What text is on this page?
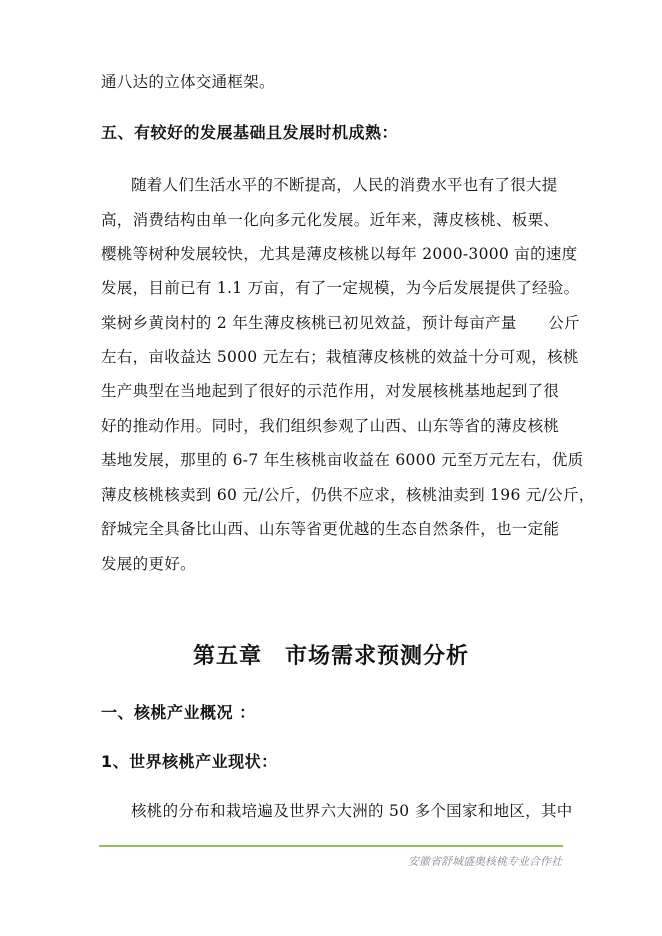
通八达的立体交通框架。
五、有较好的发展基础且发展时机成熟：
随着人们生活水平的不断提高，人民的消费水平也有了很大提
高，消费结构由单一化向多元化发展。近年来，薄皮核桃、板栗、
樱桃等树种发展较快，尤其是薄皮核桃以每年 2000-3000 亩的速度
发展，目前已有 1.1 万亩，有了一定规模，为今后发展提供了经验。
棠树乡黄岗村的 2 年生薄皮核桃已初见效益，预计每亩产量　　公斤
左右，亩收益达 5000 元左右；栽植薄皮核桃的效益十分可观，核桃
生产典型在当地起到了很好的示范作用，对发展核桃基地起到了很
好的推动作用。同时，我们组织参观了山西、山东等省的薄皮核桃
基地发展，那里的 6-7 年生核桃亩收益在 6000 元至万元左右，优质
薄皮核桃核卖到 60 元/公斤，仍供不应求，核桃油卖到 196 元/公斤，
舒城完全具备比山西、山东等省更优越的生态自然条件，也一定能
发展的更好。
第五章　市场需求预测分析
一、核桃产业概况 ：
1、世界核桃产业现状：
核桃的分布和栽培遍及世界六大洲的 50 多个国家和地区，其中
安徽省舒城盛奥核桃专业合作社
